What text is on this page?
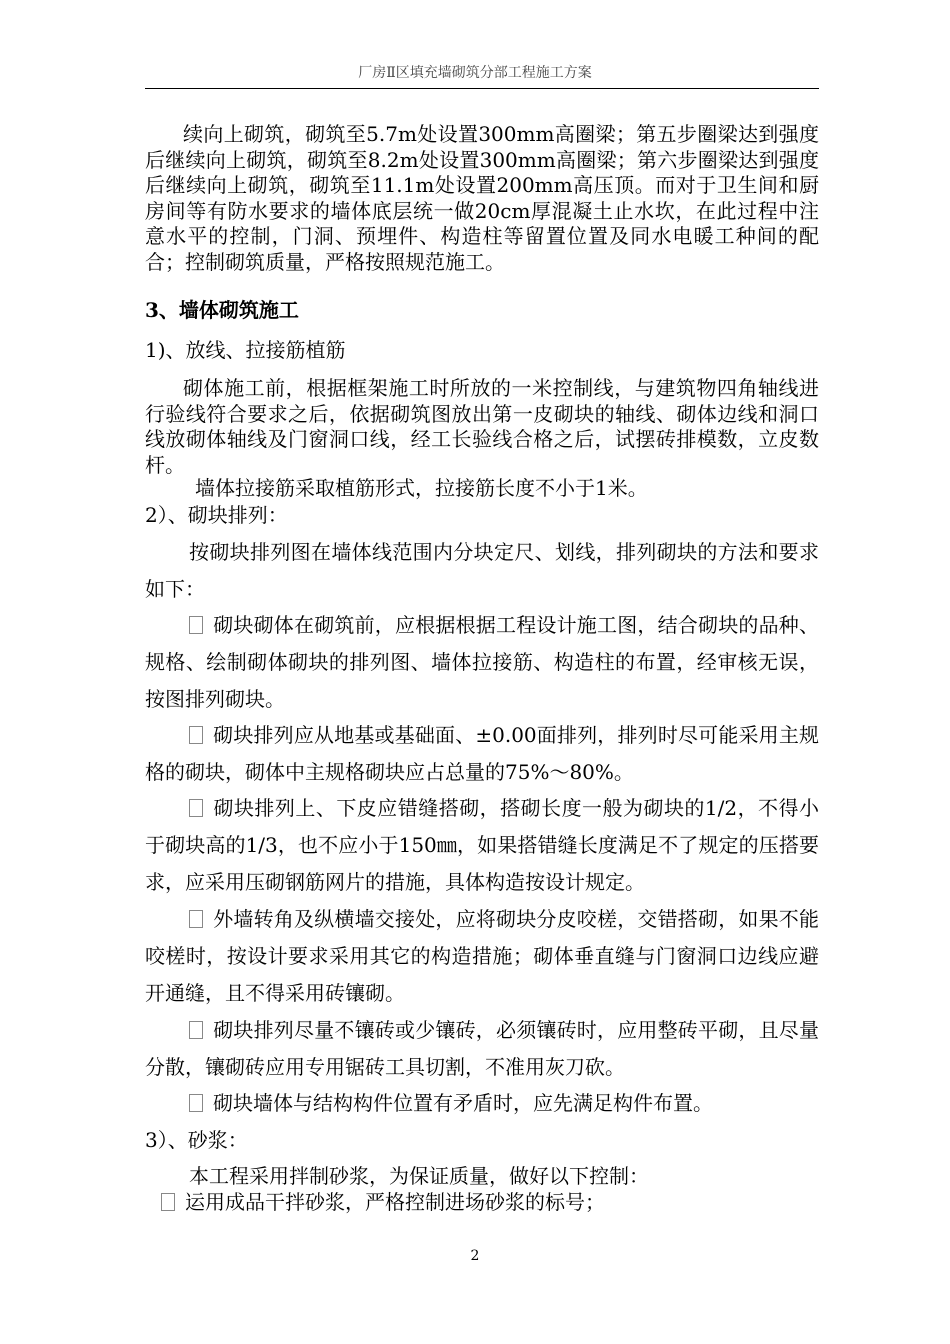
厂房Ⅱ区填充墙砌筑分部工程施工方案

续向上砌筑，砌筑至5.7m处设置300mm高圈梁；第五步圈梁达到强度后继续向上砌筑，砌筑至8.2m处设置300mm高圈梁；第六步圈梁达到强度后继续向上砌筑，砌筑至11.1m处设置200mm高压顶。而对于卫生间和厨房间等有防水要求的墙体底层统一做20cm厚混凝土止水坎，在此过程中注意水平的控制，门洞、预埋件、构造柱等留置位置及同水电暖工种间的配合；控制砌筑质量，严格按照规范施工。

3、墙体砌筑施工

1)、放线、拉接筋植筋

砌体施工前，根据框架施工时所放的一米控制线，与建筑物四角轴线进行验线符合要求之后，依据砌筑图放出第一皮砌块的轴线、砌体边线和洞口线放砌体轴线及门窗洞口线，经工长验线合格之后，试摆砖排模数，立皮数杆。

墙体拉接筋采取植筋形式，拉接筋长度不小于1米。

2）、砌块排列：

按砌块排列图在墙体线范围内分块定尺、划线，排列砌块的方法和要求如下：

砌块砌体在砌筑前，应根据根据工程设计施工图，结合砌块的品种、规格、绘制砌体砌块的排列图、墙体拉接筋、构造柱的布置，经审核无误，按图排列砌块。

砌块排列应从地基或基础面、±0.00面排列，排列时尽可能采用主规格的砌块，砌体中主规格砌块应占总量的75%～80%。

砌块排列上、下皮应错缝搭砌，搭砌长度一般为砌块的1/2，不得小于砌块高的1/3，也不应小于150㎜，如果搭错缝长度满足不了规定的压搭要求，应采用压砌钢筋网片的措施，具体构造按设计规定。

外墙转角及纵横墙交接处，应将砌块分皮咬槎，交错搭砌，如果不能咬槎时，按设计要求采用其它的构造措施；砌体垂直缝与门窗洞口边线应避开通缝，且不得采用砖镶砌。

砌块排列尽量不镶砖或少镶砖，必须镶砖时，应用整砖平砌，且尽量分散，镶砌砖应用专用锯砖工具切割，不准用灰刀砍。

砌块墙体与结构构件位置有矛盾时，应先满足构件布置。

3）、砂浆：

本工程采用拌制砂浆，为保证质量，做好以下控制：

运用成品干拌砂浆，严格控制进场砂浆的标号；

2
